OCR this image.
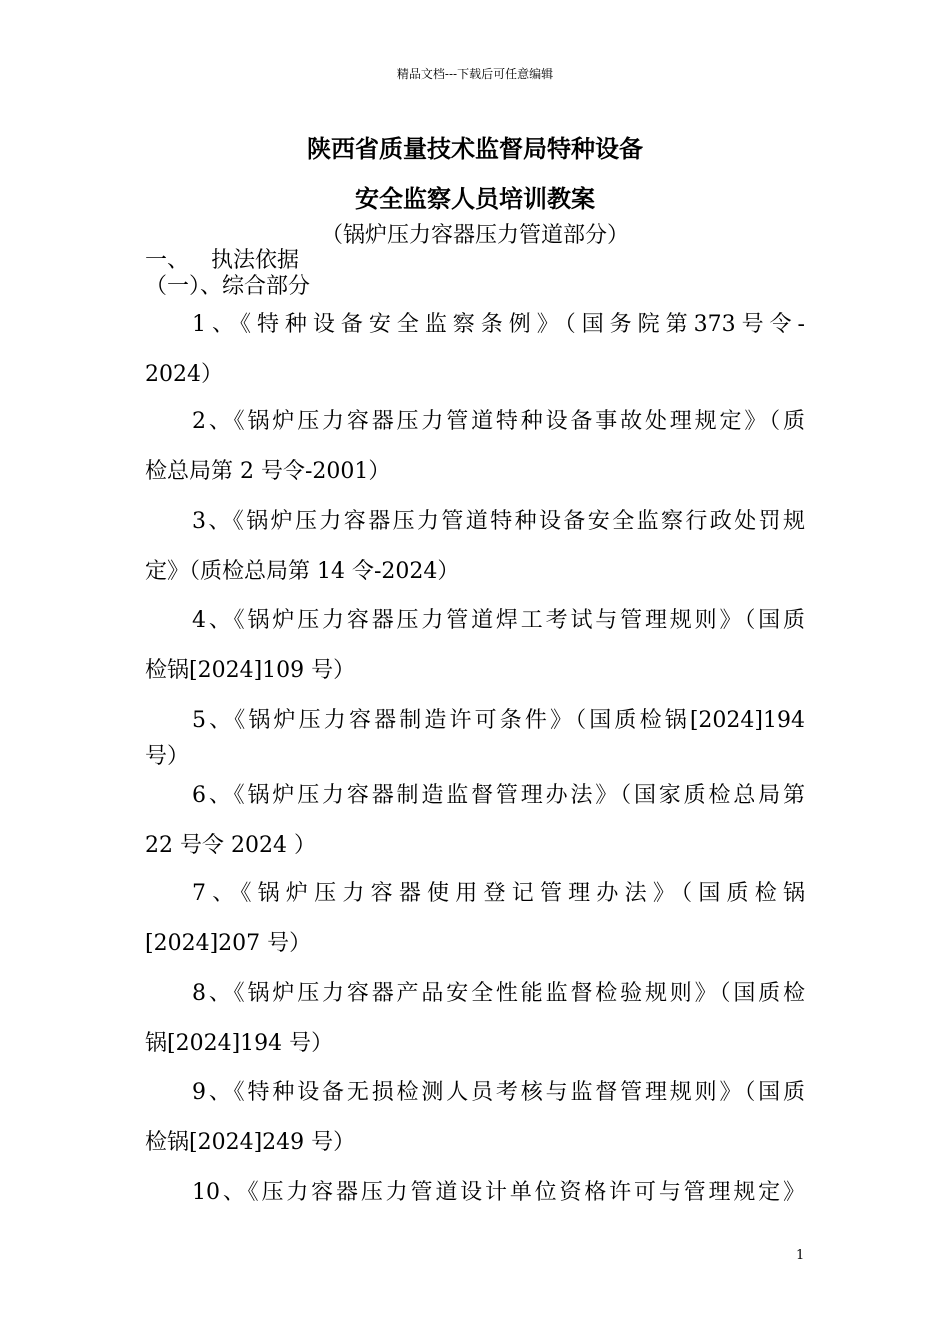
精品文档---下载后可任意编辑
陕西省质量技术监督局特种设备
安全监察人员培训教案
（锅炉压力容器压力管道部分）
一、 执法依据
（一）、综合部分
1、《特种设备安全监察条例》（国务院第373号令-
2024）
2、《锅炉压力容器压力管道特种设备事故处理规定》（质
检总局第 2 号令-2001）
3、《锅炉压力容器压力管道特种设备安全监察行政处罚规
定》（质检总局第 14 令-2024）
4、《锅炉压力容器压力管道焊工考试与管理规则》（国质
检锅[2024]109 号）
5、《锅炉压力容器制造许可条件》（国质检锅[2024]194
号）
6、《锅炉压力容器制造监督管理办法》（国家质检总局第
22 号令 2024 ）
7、《锅炉压力容器使用登记管理办法》（国质检锅
[2024]207 号）
8、《锅炉压力容器产品安全性能监督检验规则》（国质检
锅[2024]194 号）
9、《特种设备无损检测人员考核与监督管理规则》（国质
检锅[2024]249 号）
10、《压力容器压力管道设计单位资格许可与管理规定》
1
